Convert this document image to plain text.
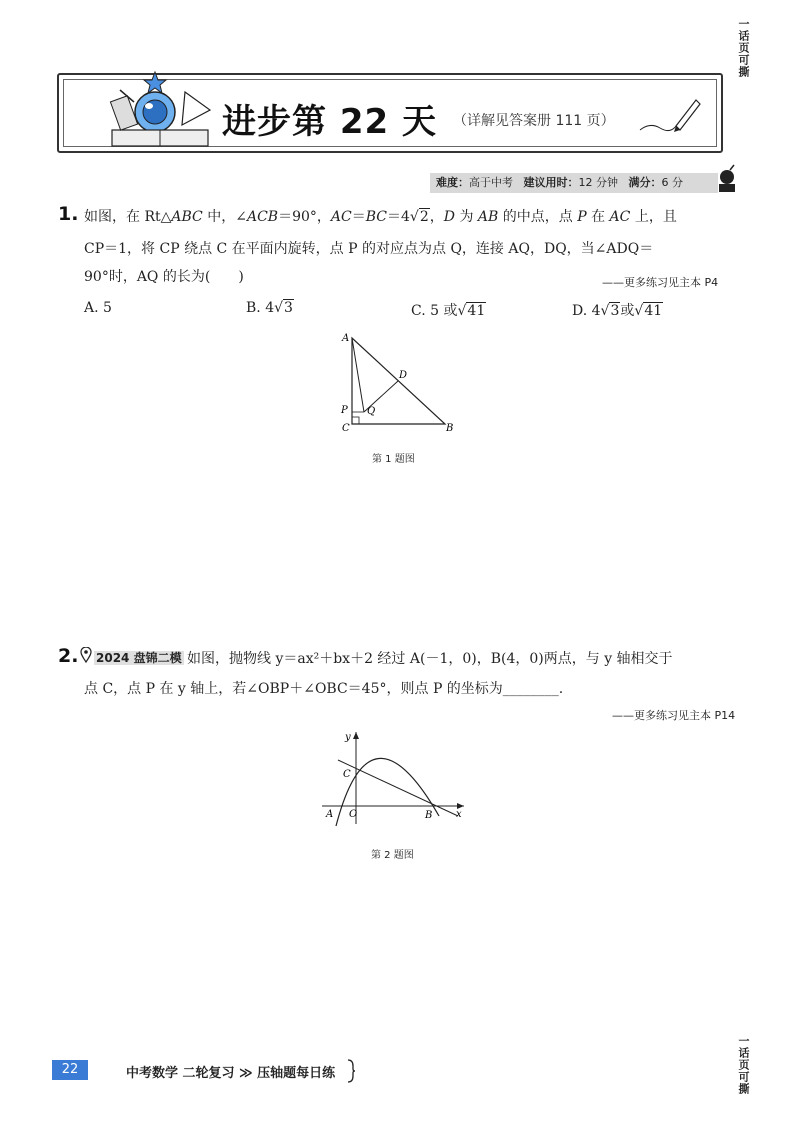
进步第 22 天 （详解见答案册 111 页）
一话页可撕
一话页可撕
难度：高于中考 建议用时：12 分钟 满分：6 分
1. 如图，在 Rt△ABC 中，∠ACB＝90°，AC＝BC＝4√2，D 为 AB 的中点，点 P 在 AC 上，且
CP＝1，将 CP 绕点 C 在平面内旋转，点 P 的对应点为点 Q，连接 AQ，DQ，当∠ADQ＝
90°时，AQ 的长为(　　)	——更多练习见主本 P4
A. 5	B. 4√3	C. 5 或√41	D. 4√3或√41
A
D
P Q
C	B
第 1 题图
2. 2024 盘锦二模 如图，抛物线 y＝ax²＋bx＋2 经过 A(－1，0)，B(4，0)两点，与 y 轴相交于
点 C，点 P 在 y 轴上，若∠OBP＋∠OBC＝45°，则点 P 的坐标为________.
——更多练习见主本 P14
y
C
A O	B x
第 2 题图
22	中考数学 二轮复习 ≫ 压轴题每日练
